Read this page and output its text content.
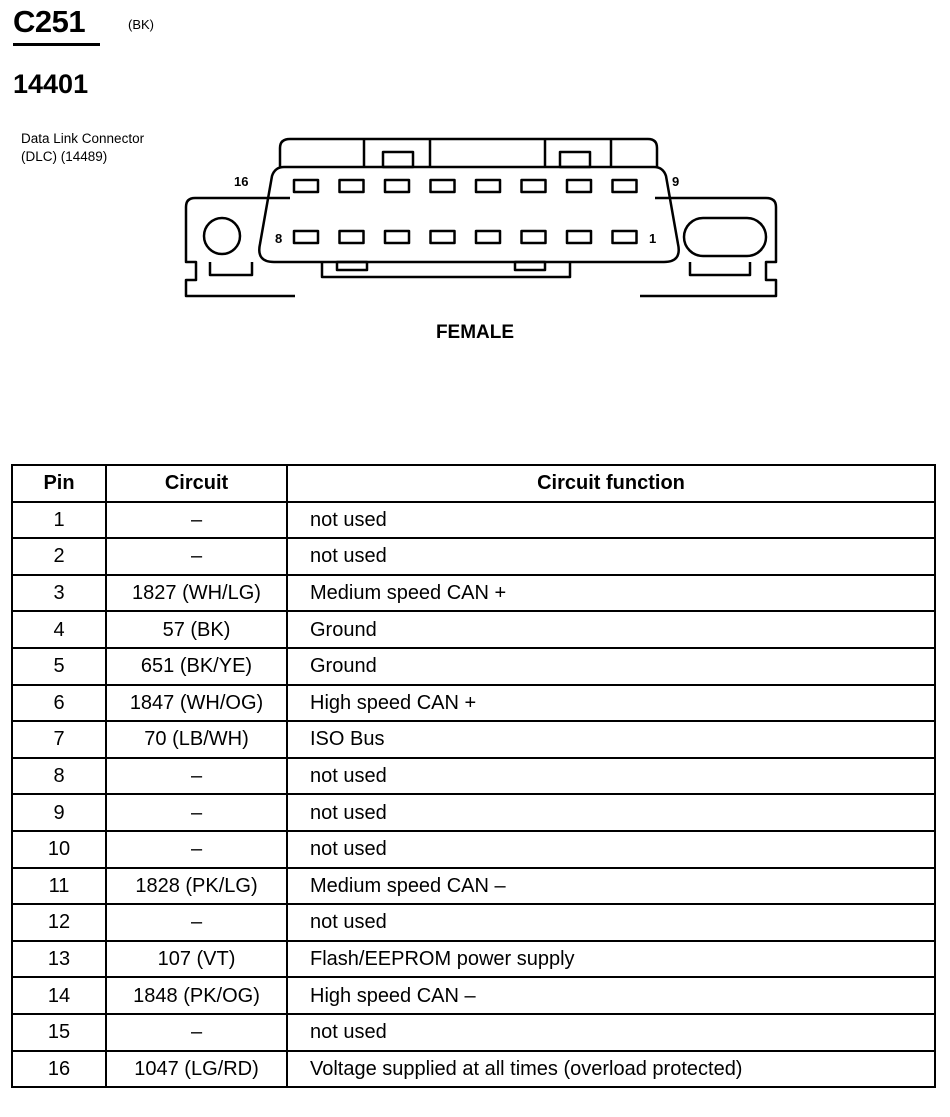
C251	(BK)
14401
Data Link Connector
(DLC) (14489)
16	9
8	1
FEMALE
Pin	Circuit	Circuit function
1	–	not used
2	–	not used
3	1827 (WH/LG)	Medium speed CAN +
4	57 (BK)	Ground
5	651 (BK/YE)	Ground
6	1847 (WH/OG)	High speed CAN +
7	70 (LB/WH)	ISO Bus
8	–	not used
9	–	not used
10	–	not used
11	1828 (PK/LG)	Medium speed CAN –
12	–	not used
13	107 (VT)	Flash/EEPROM power supply
14	1848 (PK/OG)	High speed CAN –
15	–	not used
16	1047 (LG/RD)	Voltage supplied at all times (overload protected)
